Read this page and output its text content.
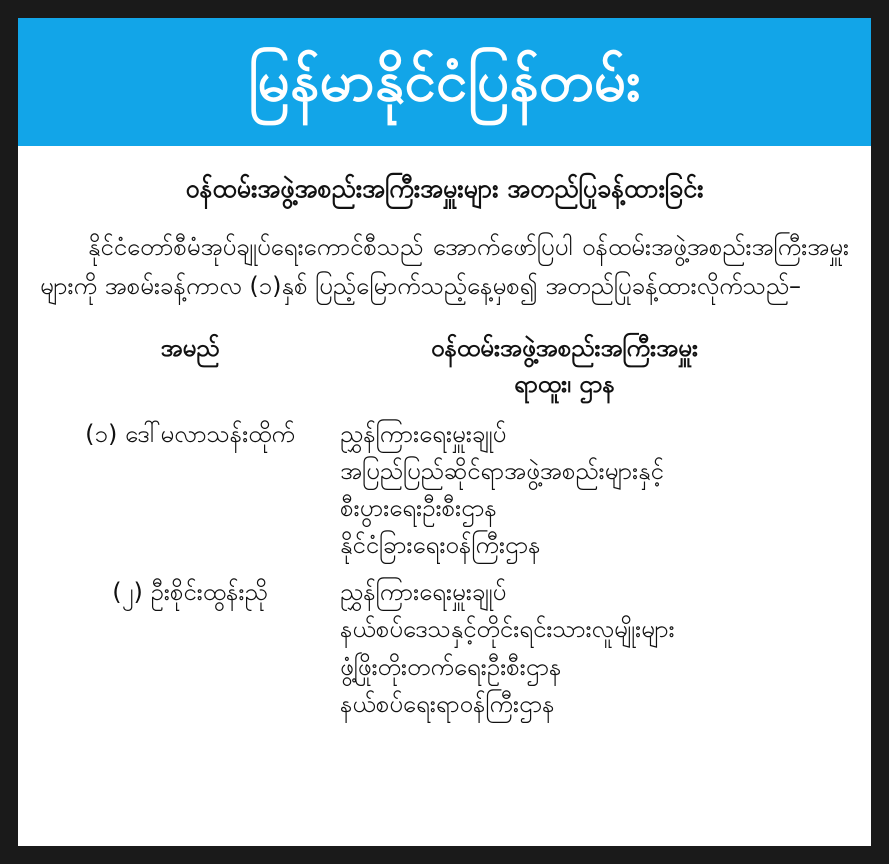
မြန်မာနိုင်ငံပြန်တမ်း
ဝန်ထမ်းအဖွဲ့အစည်းအကြီးအမှူးများ အတည်ပြုခန့်ထားခြင်း
နိုင်ငံတော်စီမံအုပ်ချုပ်ရေးကောင်စီသည် အောက်ဖော်ပြပါ ဝန်ထမ်းအဖွဲ့အစည်းအကြီးအမှူးများကို အစမ်းခန့်ကာလ (၁)နှစ် ပြည့်မြောက်သည့်နေ့မှစ၍ အတည်ပြုခန့်ထားလိုက်သည်–
အမည်	ဝန်ထမ်းအဖွဲ့အစည်းအကြီးအမှူး
ရာထူး၊ ဌာန
(၁) ဒေါ်မလာသန်းထိုက်	ညွှန်ကြားရေးမှူးချုပ်
အပြည်ပြည်ဆိုင်ရာအဖွဲ့အစည်းများနှင့်
စီးပွားရေးဦးစီးဌာန
နိုင်ငံခြားရေးဝန်ကြီးဌာန
(၂) ဦးစိုင်းထွန်းညို	ညွှန်ကြားရေးမှူးချုပ်
နယ်စပ်ဒေသနှင့်တိုင်းရင်းသားလူမျိုးများ
ဖွံ့ဖြိုးတိုးတက်ရေးဦးစီးဌာန
နယ်စပ်ရေးရာဝန်ကြီးဌာန
